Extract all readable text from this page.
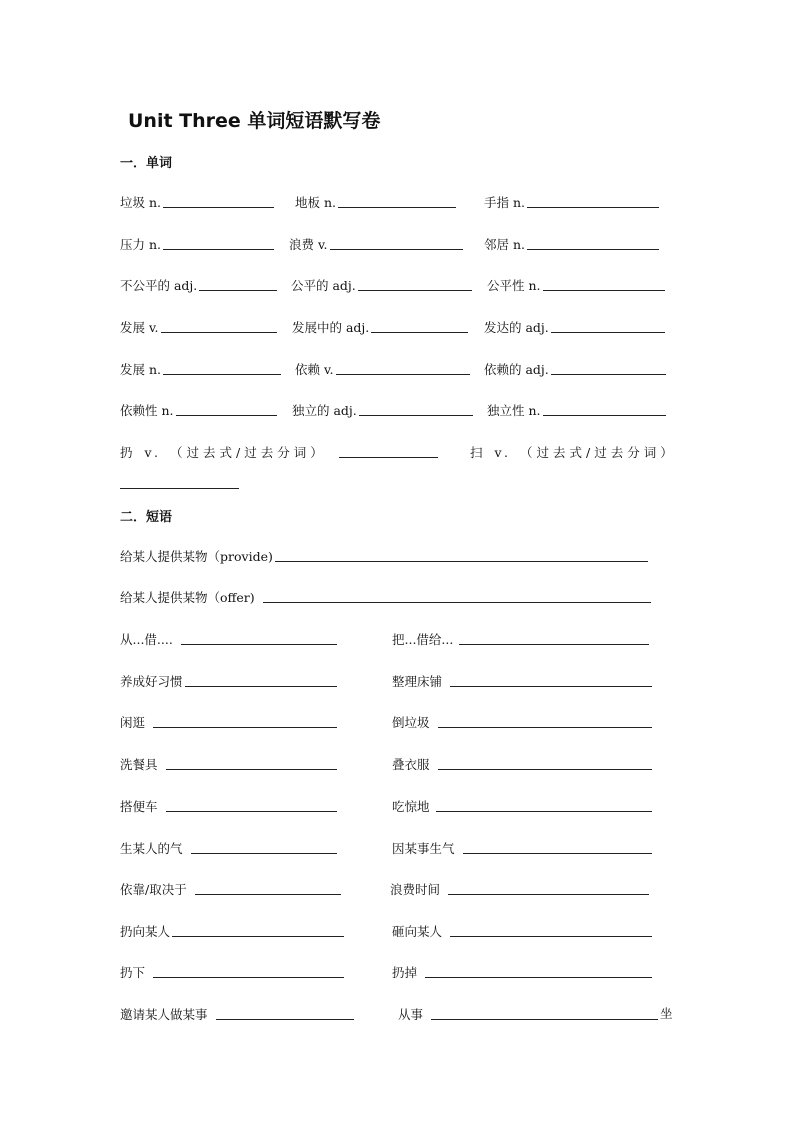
Unit Three 单词短语默写卷
一．单词
垃圾 n.	地板 n.	手指 n.
压力 n.	浪费 v.	邻居 n.
不公平的 adj.	公平的 adj.	公平性 n.
发展 v.	发展中的 adj.	发达的 adj.
发展 n.	依赖 v.	依赖的 adj.
依赖性 n.	独立的 adj.	独立性 n.
扔 v. （过去式/过去分词）	扫 v. （过去式/过去分词）
二．短语
给某人提供某物（provide)
给某人提供某物（offer)
从...借....	把...借给...
养成好习惯	整理床铺
闲逛	倒垃圾
洗餐具	叠衣服
搭便车	吃惊地
生某人的气	因某事生气
依靠/取决于	浪费时间
扔向某人	砸向某人
扔下	扔掉
邀请某人做某事	从事	坐
